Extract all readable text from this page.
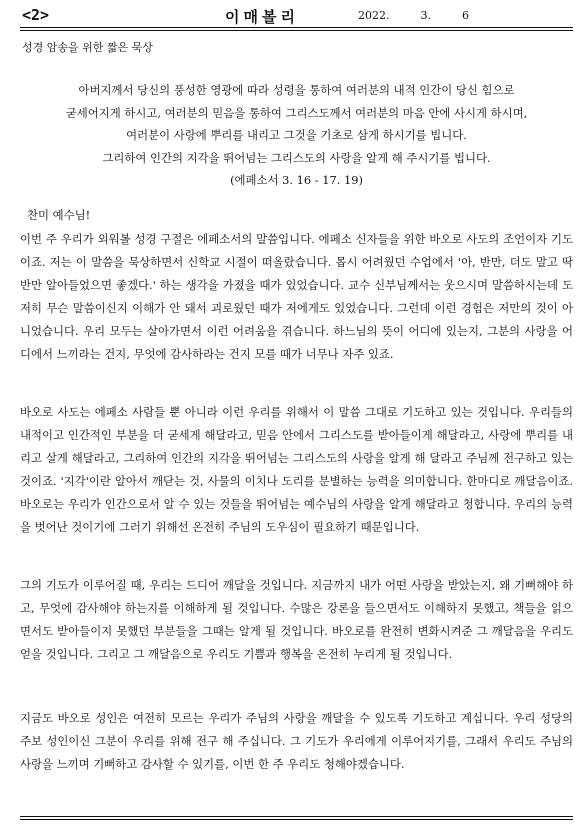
<2>	이매볼리	2022.  3.  6
성경 암송을 위한 짧은 묵상

아버지께서 당신의 풍성한 영광에 따라 성령을 통하여 여러분의 내적 인간이 당신 힘으로

굳세어지게 하시고, 여러분의 믿음을 통하여 그리스도께서 여러분의 마음 안에 사시게 하시며,

여러분이 사랑에 뿌리를 내리고 그것을 기초로 삼게 하시기를 빕니다.

그리하여 인간의 지각을 뛰어넘는 그리스도의 사랑을 알게 해 주시기를 빕니다.

(에페소서 3. 16 - 17. 19)

찬미 예수님!

이번 주 우리가 외워볼 성경 구절은 에페소서의 말씀입니다. 에페소 신자들을 위한 바오로 사도의 조언이자 기도이죠. 저는 이 말씀을 묵상하면서 신학교 시절이 떠올랐습니다. 몹시 어려웠던 수업에서 '아, 반만, 더도 말고 딱 반만 알아들었으면 좋겠다.' 하는 생각을 가졌을 때가 있었습니다. 교수 신부님께서는 웃으시며 말씀하시는데 도저히 무슨 말씀이신지 이해가 안 돼서 괴로웠던 때가 저에게도 있었습니다. 그런데 이런 경험은 저만의 것이 아니었습니다. 우리 모두는 살아가면서 이런 어려움을 겪습니다. 하느님의 뜻이 어디에 있는지, 그분의 사랑을 어디에서 느끼라는 건지, 무엇에 감사하라는 건지 모를 때가 너무나 자주 있죠.

바오로 사도는 에페소 사람들 뿐 아니라 이런 우리를 위해서 이 말씀 그대로 기도하고 있는 것입니다. 우리들의 내적이고 인간적인 부분을 더 굳세게 해달라고, 믿음 안에서 그리스도를 받아들이게 해달라고, 사랑에 뿌리를 내리고 살게 해달라고, 그리하여 인간의 지각을 뛰어넘는 그리스도의 사랑을 알게 해 달라고 주님께 전구하고 있는 것이죠. '지각'이란 알아서 깨닫는 것, 사물의 이치나 도리를 분별하는 능력을 의미합니다. 한마디로 깨달음이죠. 바오로는 우리가 인간으로서 알 수 있는 것들을 뛰어넘는 예수님의 사랑을 알게 해달라고 청합니다. 우리의 능력을 벗어난 것이기에 그러기 위해선 온전히 주님의 도우심이 필요하기 때문입니다.

그의 기도가 이루어질 때, 우리는 드디어 깨달을 것입니다. 지금까지 내가 어떤 사랑을 받았는지, 왜 기뻐해야 하고, 무엇에 감사해야 하는지를 이해하게 될 것입니다. 수많은 강론을 들으면서도 이해하지 못했고, 책들을 읽으면서도 받아들이지 못했던 부분들을 그때는 알게 될 것입니다. 바오로를 완전히 변화시켜준 그 깨달음을 우리도 얻을 것입니다. 그리고 그 깨달음으로 우리도 기쁨과 행복을 온전히 누리게 될 것입니다.

지금도 바오로 성인은 여전히 모르는 우리가 주님의 사랑을 깨달을 수 있도록 기도하고 계십니다. 우리 성당의 주보 성인이신 그분이 우리를 위해 전구 해 주십니다. 그 기도가 우리에게 이루어지기를, 그래서 우리도 주님의 사랑을 느끼며 기뻐하고 감사할 수 있기를, 이번 한 주 우리도 청해야겠습니다.
